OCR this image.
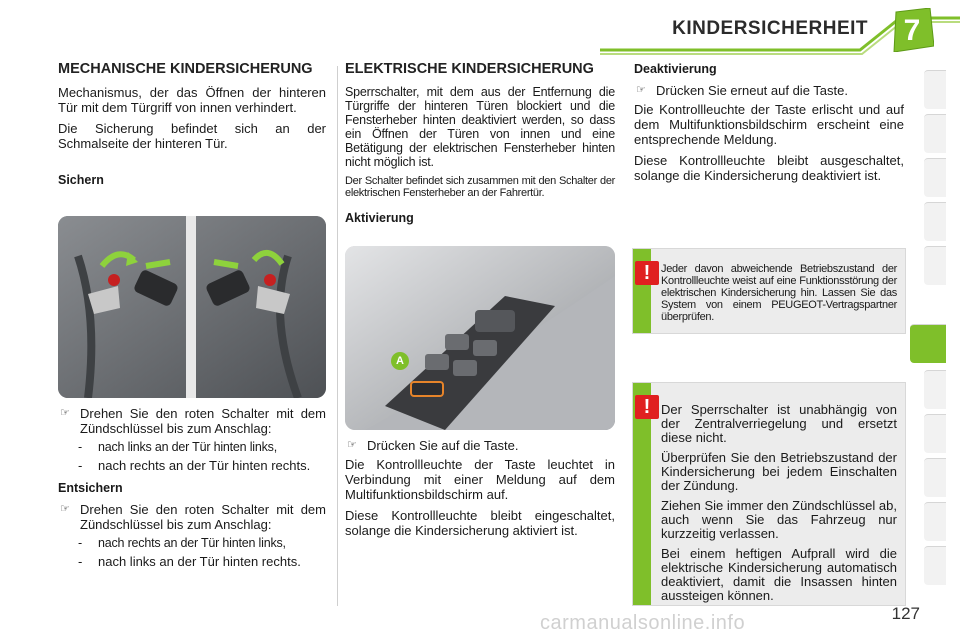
KINDERSICHERHEIT	7
MECHANISCHE KINDERSICHERUNG

Mechanismus, der das Öffnen der hinteren Tür mit dem Türgriff von innen verhindert.

Die Sicherung befindet sich an der Schmalseite der hinteren Tür.

Sichern
☞ Drehen Sie den roten Schalter mit dem Zündschlüssel bis zum Anschlag:
- nach links an der Tür hinten links,
- nach rechts an der Tür hinten rechts.
Entsichern
☞ Drehen Sie den roten Schalter mit dem Zündschlüssel bis zum Anschlag:
- nach rechts an der Tür hinten links,
- nach links an der Tür hinten rechts.
ELEKTRISCHE KINDERSICHERUNG

Sperrschalter, mit dem aus der Entfernung die Türgriffe der hinteren Türen blockiert und die Fensterheber hinten deaktiviert werden, so dass ein Öffnen der Türen von innen und eine Betätigung der elektrischen Fensterheber hinten nicht möglich ist.

Der Schalter befindet sich zusammen mit den Schalter der elektrischen Fensterheber an der Fahrertür.

Aktivierung
A
☞ Drücken Sie auf die Taste.

Die Kontrollleuchte der Taste leuchtet in Verbindung mit einer Meldung auf dem Multifunktionsbildschirm auf.

Diese Kontrollleuchte bleibt eingeschaltet, solange die Kindersicherung aktiviert ist.

Deaktivierung
☞ Drücken Sie erneut auf die Taste.

Die Kontrollleuchte der Taste erlischt und auf dem Multifunktionsbildschirm erscheint eine entsprechende Meldung.

Diese Kontrollleuchte bleibt ausgeschaltet, solange die Kindersicherung deaktiviert ist.

! Jeder davon abweichende Betriebszustand der Kontrollleuchte weist auf eine Funktionsstörung der elektrischen Kindersicherung hin. Lassen Sie das System von einem PEUGEOT-Vertragspartner überprüfen.
! Der Sperrschalter ist unabhängig von der Zentralverriegelung und ersetzt diese nicht.

Überprüfen Sie den Betriebszustand der Kindersicherung bei jedem Einschalten der Zündung.

Ziehen Sie immer den Zündschlüssel ab, auch wenn Sie das Fahrzeug nur kurzzeitig verlassen.

Bei einem heftigen Aufprall wird die elektrische Kindersicherung automatisch deaktiviert, damit die Insassen hinten aussteigen können.

127
carmanualsonline.info
